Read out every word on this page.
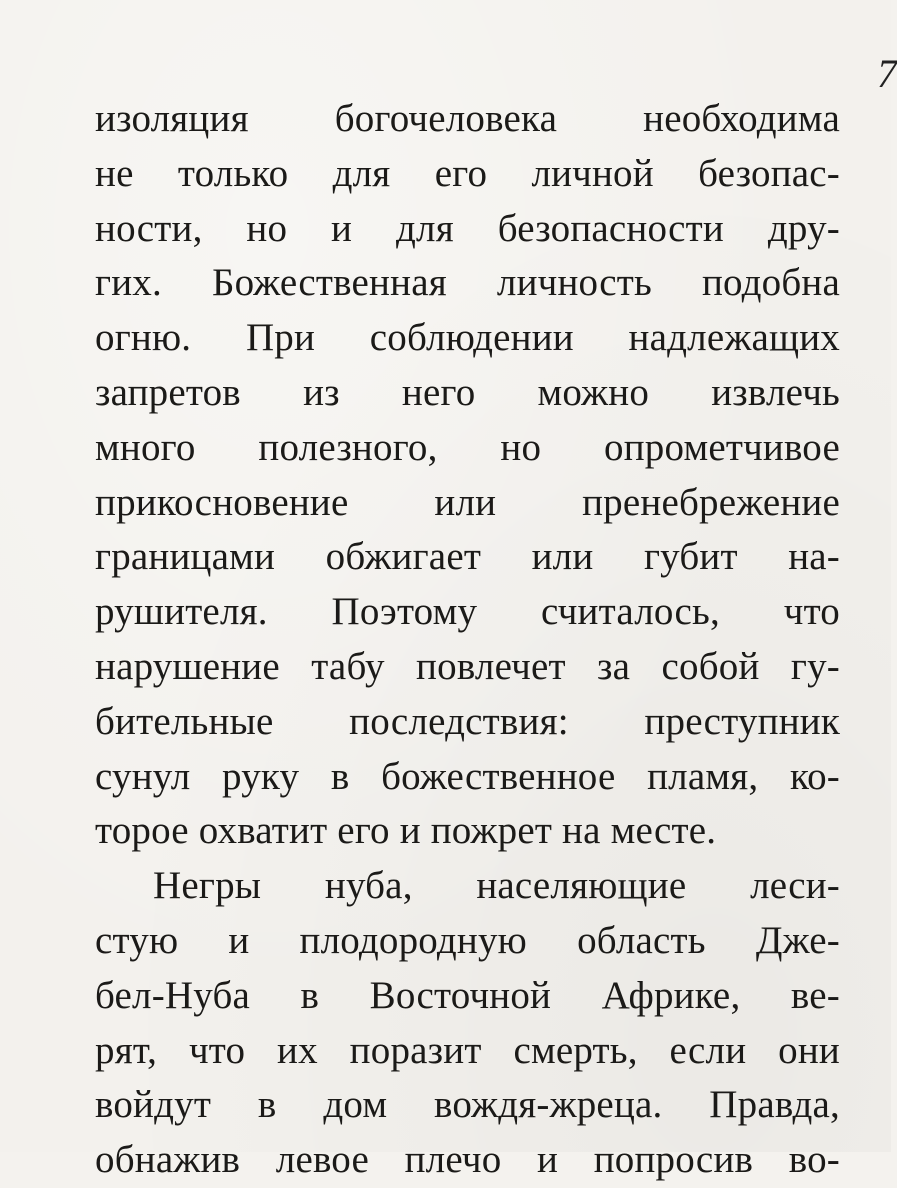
7
изоляция богочеловека необходима
не только для его личной безопас-
ности, но и для безопасности дру-
гих. Божественная личность подобна
огню. При соблюдении надлежащих
запретов из него можно извлечь
много полезного, но опрометчивое
прикосновение или пренебрежение
границами обжигает или губит на-
рушителя. Поэтому считалось, что
нарушение табу повлечет за собой гу-
бительные последствия: преступник
сунул руку в божественное пламя, ко-
торое охватит его и пожрет на месте.
Негры нуба, населяющие леси-
стую и плодородную область Дже-
бел-Нуба в Восточной Африке, ве-
рят, что их поразит смерть, если они
войдут в дом вождя-жреца. Правда,
обнажив левое плечо и попросив во-
